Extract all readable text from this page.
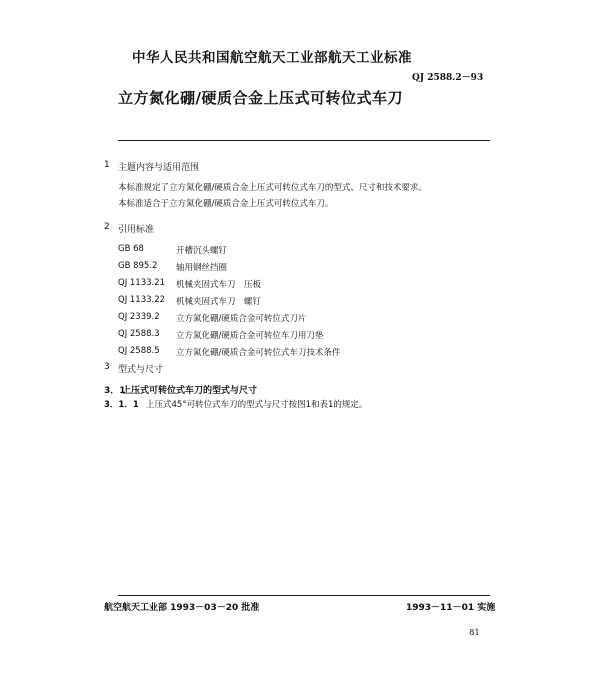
中华人民共和国航空航天工业部航天工业标准
QJ 2588.2－93
立方氮化硼/硬质合金上压式可转位式车刀
1 主题内容与适用范围
本标准规定了立方氮化硼/硬质合金上压式可转位式车刀的型式、尺寸和技术要求。
本标准适合于立方氮化硼/硬质合金上压式可转位式车刀。
2 引用标准
GB 68	开槽沉头螺钉
GB 895.2 轴用钢丝挡圈
QJ 1133.21 机械夹固式车刀　压板
QJ 1133.22 机械夹固式车刀　螺钉
QJ 2339.2 立方氮化硼/硬质合金可转位式刀片
QJ 2588.3 立方氮化硼/硬质合金可转位车刀用刀垫
QJ 2588.5 立方氮化硼/硬质合金可转位式车刀技术条件
3 型式与尺寸
3．1
上压式可转位式车刀的型式与尺寸
3．1．1 上压式45°可转位式车刀的型式与尺寸按图1和表1的规定。
航空航天工业部 1993－03－20 批准	1993－11－01 实施
81
